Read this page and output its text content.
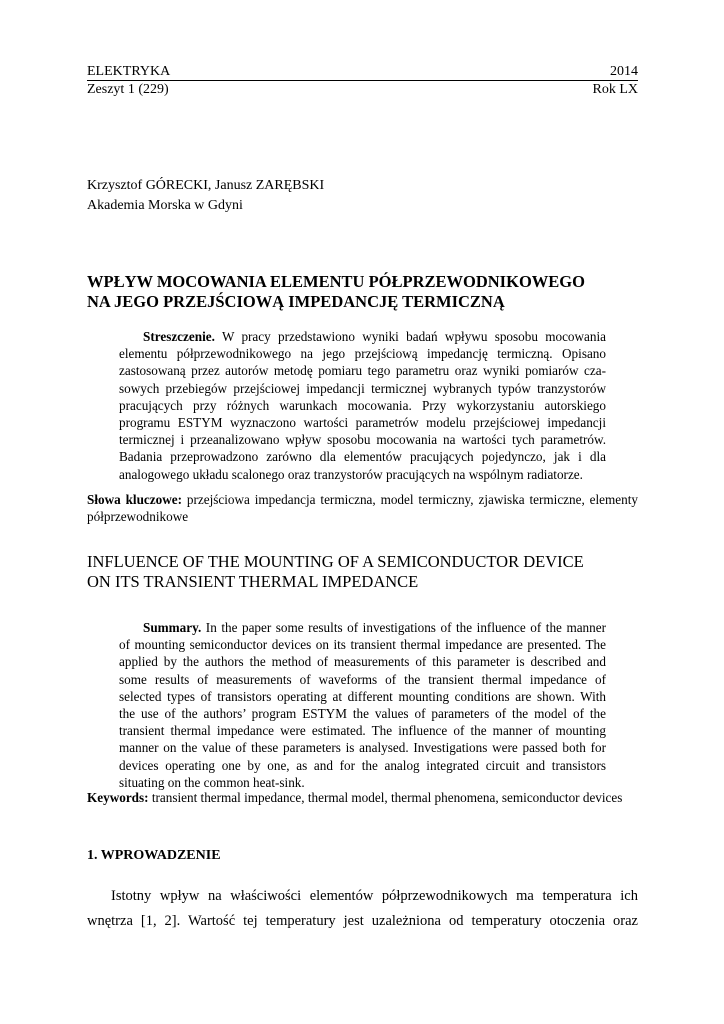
ELEKTRYKA	2014
Zeszyt 1 (229)	Rok LX
Krzysztof GÓRECKI, Janusz ZARĘBSKI
Akademia Morska w Gdyni
WPŁYW MOCOWANIA ELEMENTU PÓŁPRZEWODNIKOWEGO
NA JEGO PRZEJŚCIOWĄ IMPEDANCJĘ TERMICZNĄ
Streszczenie. W pracy przedstawiono wyniki badań wpływu sposobu mocowania
elementu półprzewodnikowego na jego przejściową impedancję termiczną. Opisano
zastosowaną przez autorów metodę pomiaru tego parametru oraz wyniki pomiarów cza-
sowych przebiegów przejściowej impedancji termicznej wybranych typów tranzystorów
pracujących przy różnych warunkach mocowania. Przy wykorzystaniu autorskiego
programu ESTYM wyznaczono wartości parametrów modelu przejściowej impedancji
termicznej i przeanalizowano wpływ sposobu mocowania na wartości tych parametrów.
Badania przeprowadzono zarówno dla elementów pracujących pojedynczo, jak i dla
analogowego układu scalonego oraz tranzystorów pracujących na wspólnym radiatorze.
Słowa kluczowe: przejściowa impedancja termiczna, model termiczny, zjawiska termiczne, elementy
półprzewodnikowe
INFLUENCE OF THE MOUNTING OF A SEMICONDUCTOR DEVICE
ON ITS TRANSIENT THERMAL IMPEDANCE
Summary. In the paper some results of investigations of the influence of the manner
of mounting semiconductor devices on its transient thermal impedance are presented. The
applied by the authors the method of measurements of this parameter is described and
some results of measurements of waveforms of the transient thermal impedance of
selected types of transistors operating at different mounting conditions are shown. With
the use of the authors’ program ESTYM the values of parameters of the model of the
transient thermal impedance were estimated. The influence of the manner of mounting
manner on the value of these parameters is analysed. Investigations were passed both for
devices operating one by one, as and for the analog integrated circuit and transistors
situating on the common heat-sink.
Keywords: transient thermal impedance, thermal model, thermal phenomena, semiconductor devices
1. WPROWADZENIE
Istotny wpływ na właściwości elementów półprzewodnikowych ma temperatura ich
wnętrza [1, 2]. Wartość tej temperatury jest uzależniona od temperatury otoczenia oraz
